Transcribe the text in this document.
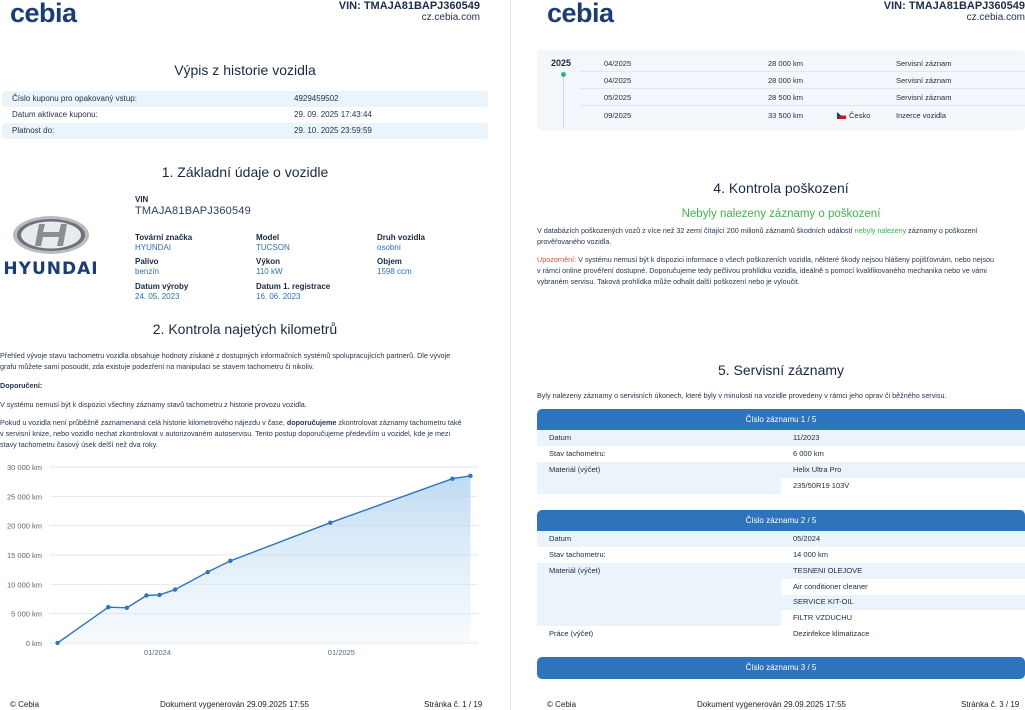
cebia	VIN: TMAJA81BAPJ360549
cz.cebia.com
Výpis z historie vozidla
Číslo kuponu pro opakovaný vstup:	4929459502
Datum aktivace kuponu:	29. 09. 2025 17:43:44
Platnost do:	29. 10. 2025 23:59:59
1. Základní údaje o vozidle
HYUNDAI
VIN
TMAJA81BAPJ360549
Tovární značka
HYUNDAI
Model
TUCSON
Druh vozidla
osobní
Palivo
benzín
Výkon
110 kW
Objem
1598 ccm
Datum výroby
24. 05. 2023
Datum 1. registrace
16. 06. 2023
2. Kontrola najetých kilometrů
Přehled vývoje stavu tachometru vozidla obsahuje hodnoty získané z dostupných informačních systémů spolupracujících partnerů. Dle vývoje
grafu můžete sami posoudit, zda existuje podezření na manipulaci se stavem tachometru či nikoliv.
Doporučení:
V systému nemusí být k dispozici všechny záznamy stavů tachometru z historie provozu vozidla.
Pokud u vozidla není průběžně zaznamenaná celá historie kilometrového nájezdu v čase, doporučujeme zkontrolovat záznamy tachometru také
v servisní knize, nebo vozidlo nechat zkontrolovat v autorizovaném autoservisu. Tento postup doporučujeme především u vozidel, kde je mezi
stavy tachometru časový úsek delší než dva roky.
0 km
5 000 km
10 000 km
15 000 km
20 000 km
25 000 km
30 000 km
01/2024	01/2025
© Cebia	Dokument vygenerován 29.09.2025 17:55	Stránka č. 1 / 19
cebia	VIN: TMAJA81BAPJ360549
cz.cebia.com
2025	04/2025	28 000 km	Servisní záznam
04/2025	28 000 km	Servisní záznam
05/2025	28 500 km	Servisní záznam
09/2025	33 500 km	Česko	Inzerce vozidla
4. Kontrola poškození
Nebyly nalezeny záznamy o poškození
V databázích poškozených vozů z více než 32 zemí čítající 200 milionů záznamů škodních událostí nebyly nalezeny záznamy o poškození
prověřovaného vozidla.
Upozornění: V systému nemusí být k dispozici informace o všech poškozeních vozidla, některé škody nejsou hlášeny pojišťovnám, nebo nejsou
v rámci online prověření dostupné. Doporučujeme tedy pečlivou prohlídku vozidla, ideálně s pomocí kvalifikovaného mechanika nebo ve vámi
vybraném servisu. Taková prohlídka může odhalit další poškození nebo je vyloučit.
5. Servisní záznamy
Byly nalezeny záznamy o servisních úkonech, které byly v minulosti na vozidle provedeny v rámci jeho oprav či běžného servisu.
Číslo záznamu 1 / 5
Datum	11/2023
Stav tachometru:	6 000 km
Materiál (výčet)	Helix Ultra Pro
235/50R19 103V
Číslo záznamu 2 / 5
Datum	05/2024
Stav tachometru:	14 000 km
Materiál (výčet)	TESNENI OLEJOVE
Air conditioner cleaner
SERVICE KIT-OIL
FILTR VZDUCHU
Práce (výčet)	Dezinfekce klimatizace
Číslo záznamu 3 / 5
© Cebia	Dokument vygenerován 29.09.2025 17:55	Stránka č. 3 / 19
